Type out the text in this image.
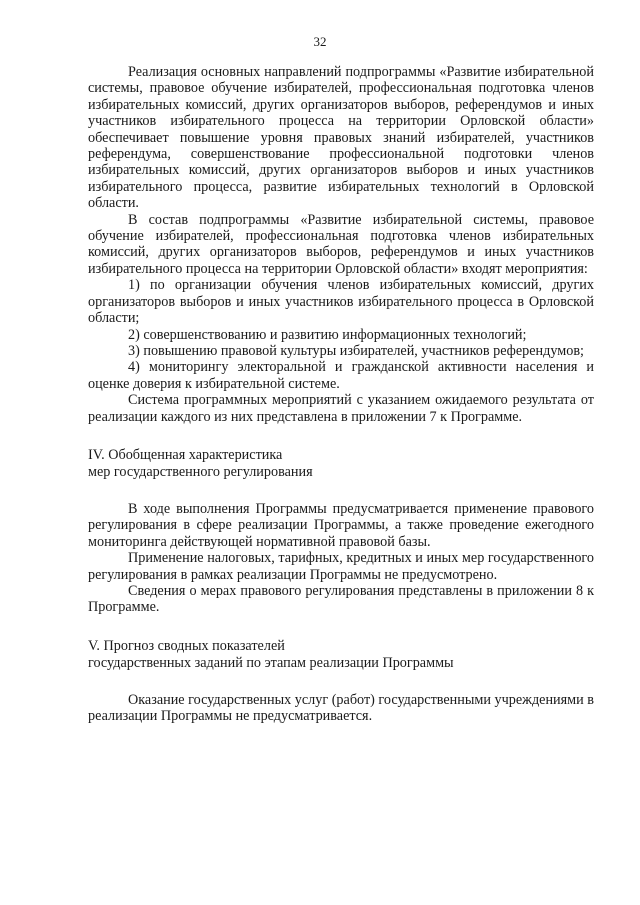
32

Реализация основных направлений подпрограммы «Развитие избирательной системы, правовое обучение избирателей, профессиональная подготовка членов избирательных комиссий, других организаторов выборов, референдумов и иных участников избирательного процесса на территории Орловской области» обеспечивает повышение уровня правовых знаний избирателей, участников референдума, совершенствование профессиональной подготовки членов избирательных комиссий, других организаторов выборов и иных участников избирательного процесса, развитие избирательных технологий в Орловской области.

В состав подпрограммы «Развитие избирательной системы, правовое обучение избирателей, профессиональная подготовка членов избирательных комиссий, других организаторов выборов, референдумов и иных участников избирательного процесса на территории Орловской области» входят мероприятия:

1) по организации обучения членов избирательных комиссий, других организаторов выборов и иных участников избирательного процесса в Орловской области;

2) совершенствованию и развитию информационных технологий;

3) повышению правовой культуры избирателей, участников референдумов;

4) мониторингу электоральной и гражданской активности населения и оценке доверия к избирательной системе.

Система программных мероприятий с указанием ожидаемого результата от реализации каждого из них представлена в приложении 7 к Программе.

IV. Обобщенная характеристика

мер государственного регулирования

В ходе выполнения Программы предусматривается применение правового регулирования в сфере реализации Программы, а также проведение ежегодного мониторинга действующей нормативной правовой базы.

Применение налоговых, тарифных, кредитных и иных мер государственного регулирования в рамках реализации Программы не предусмотрено.

Сведения о мерах правового регулирования представлены в приложении 8 к Программе.

V. Прогноз сводных показателей

государственных заданий по этапам реализации Программы

Оказание государственных услуг (работ) государственными учреждениями в реализации Программы не предусматривается.
